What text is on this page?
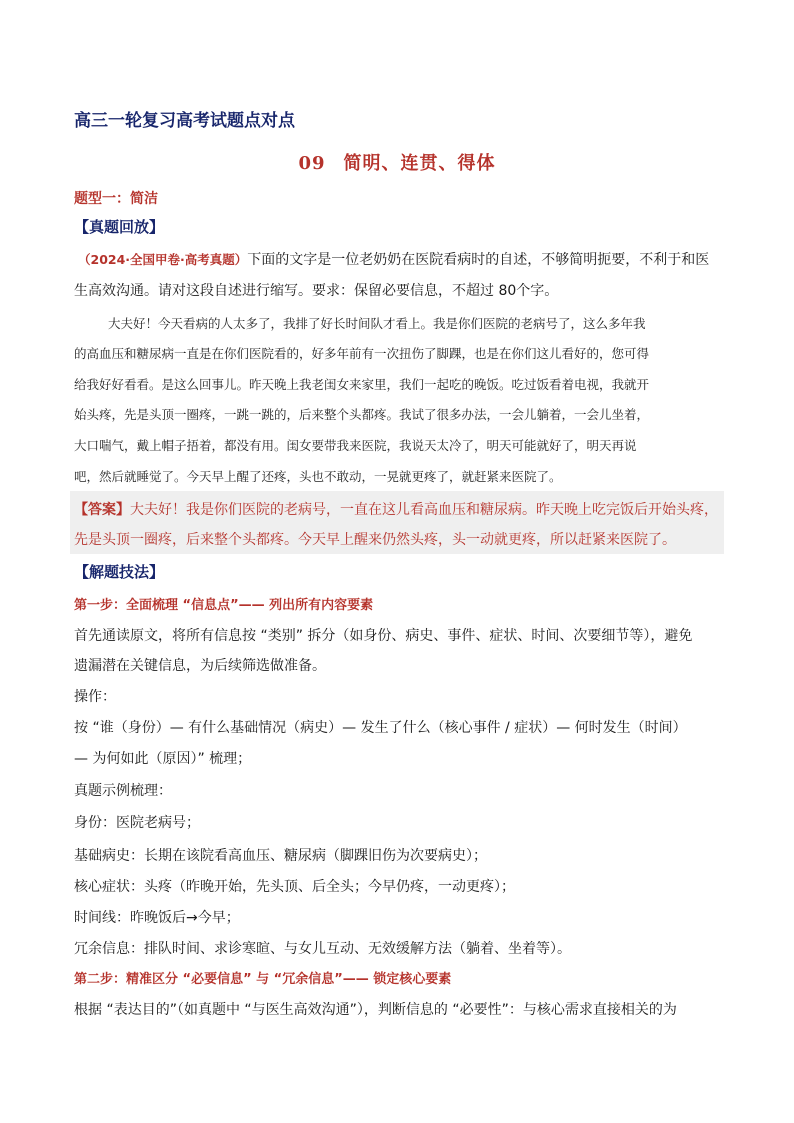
高三一轮复习高考试题点对点
09 简明、连贯、得体
题型一：简洁
【真题回放】
（2024·全国甲卷·高考真题）下面的文字是一位老奶奶在医院看病时的自述，不够简明扼要，不利于和医
生高效沟通。请对这段自述进行缩写。要求：保留必要信息，不超过 80个字。
大夫好！今天看病的人太多了，我排了好长时间队才看上。我是你们医院的老病号了，这么多年我
的高血压和糖尿病一直是在你们医院看的，好多年前有一次扭伤了脚踝，也是在你们这儿看好的，您可得
给我好好看看。是这么回事儿。昨天晚上我老闺女来家里，我们一起吃的晚饭。吃过饭看着电视，我就开
始头疼，先是头顶一圈疼，一跳一跳的，后来整个头都疼。我试了很多办法，一会儿躺着，一会儿坐着，
大口喘气，戴上帽子捂着，都没有用。闺女要带我来医院，我说天太冷了，明天可能就好了，明天再说
吧，然后就睡觉了。今天早上醒了还疼，头也不敢动，一晃就更疼了，就赶紧来医院了。
【答案】大夫好！我是你们医院的老病号，一直在这儿看高血压和糖尿病。昨天晚上吃完饭后开始头疼，
先是头顶一圈疼，后来整个头都疼。今天早上醒来仍然头疼，头一动就更疼，所以赶紧来医院了。
【解题技法】
第一步：全面梳理 “信息点”—— 列出所有内容要素
首先通读原文，将所有信息按 “类别” 拆分（如身份、病史、事件、症状、时间、次要细节等），避免
遗漏潜在关键信息，为后续筛选做准备。
操作：
按 “谁（身份）— 有什么基础情况（病史）— 发生了什么（核心事件 / 症状）— 何时发生（时间）
— 为何如此（原因）” 梳理；
真题示例梳理：
身份：医院老病号；
基础病史：长期在该院看高血压、糖尿病（脚踝旧伤为次要病史）；
核心症状：头疼（昨晚开始，先头顶、后全头；今早仍疼，一动更疼）；
时间线：昨晚饭后→今早；
冗余信息：排队时间、求诊寒暄、与女儿互动、无效缓解方法（躺着、坐着等）。
第二步：精准区分 “必要信息” 与 “冗余信息”—— 锁定核心要素
根据 “表达目的”（如真题中 “与医生高效沟通”），判断信息的 “必要性”：与核心需求直接相关的为
